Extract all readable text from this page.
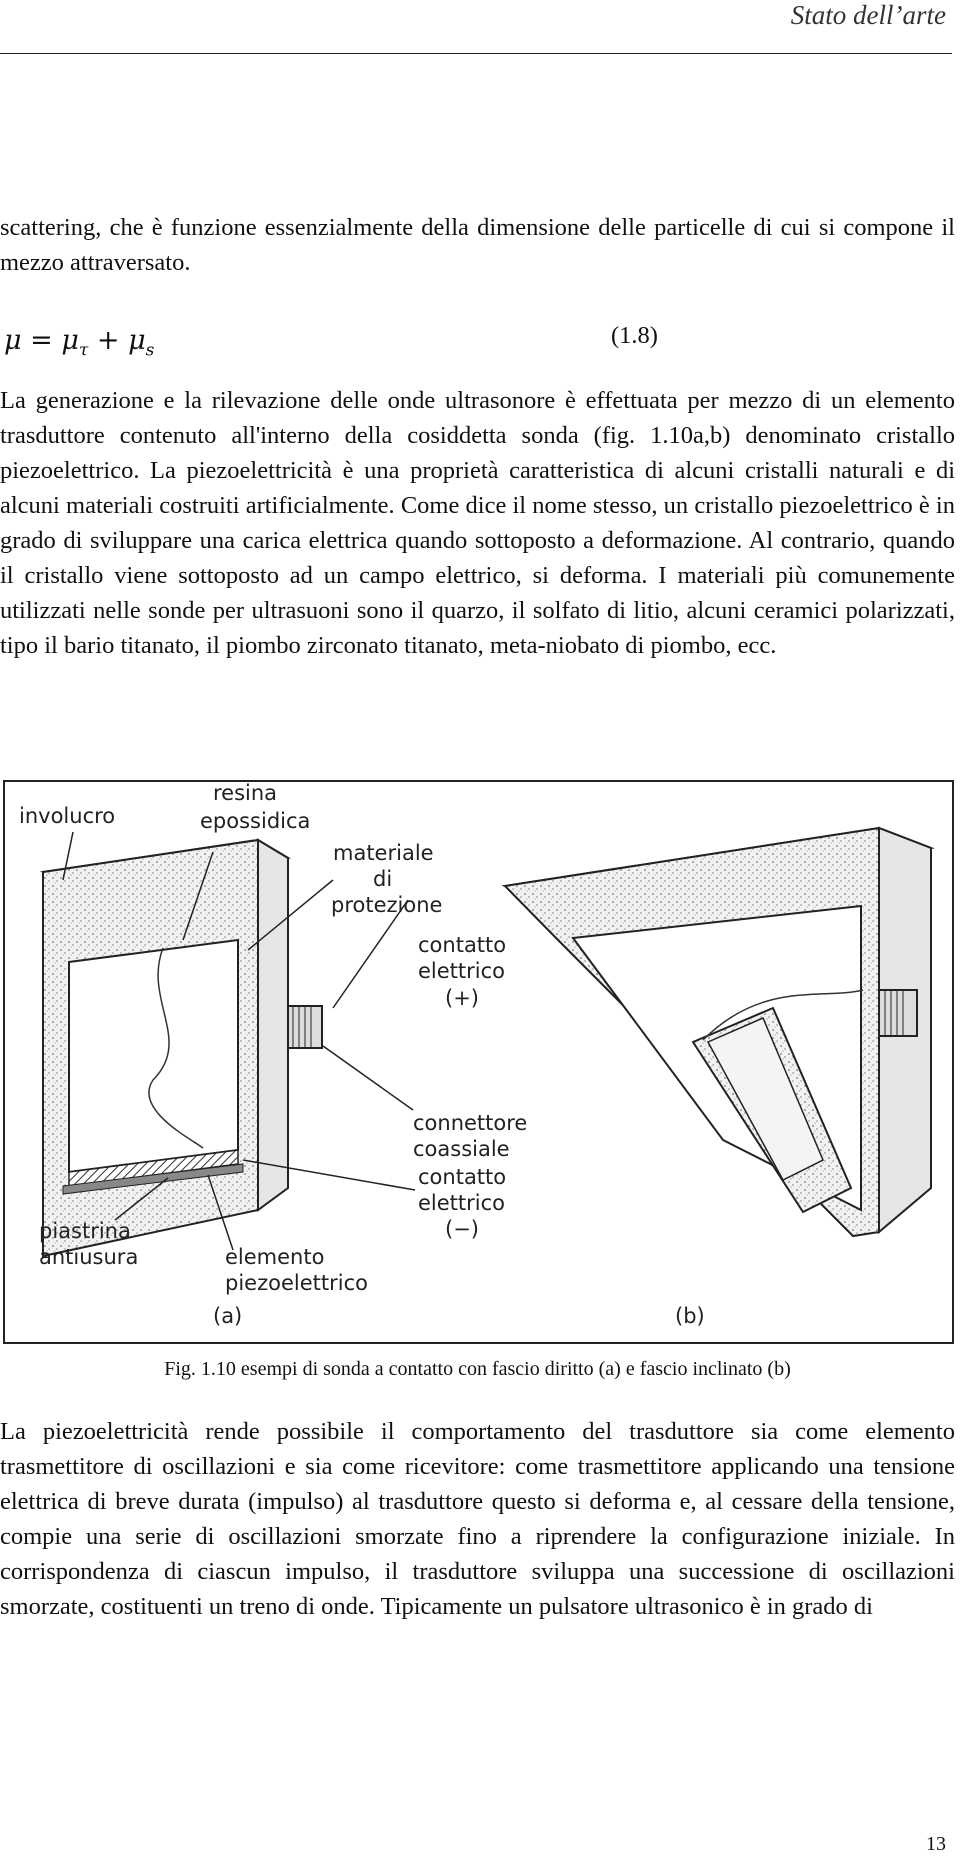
Stato dell’arte

scattering, che è funzione essenzialmente della dimensione delle particelle di cui si compone il mezzo attraversato.

$\mu = \mu_\tau + \mu_s$
(1.8)

La generazione e la rilevazione delle onde ultrasonore è effettuata per mezzo di un elemento trasduttore contenuto all'interno della cosiddetta sonda (fig. 1.10a,b) denominato cristallo piezoelettrico. La piezoelettricità è una proprietà caratteristica di alcuni cristalli naturali e di alcuni materiali costruiti artificialmente. Come dice il nome stesso, un cristallo piezoelettrico è in grado di sviluppare una carica elettrica quando sottoposto a deformazione. Al contrario, quando il cristallo viene sottoposto ad un campo elettrico, si deforma. I materiali più comunemente utilizzati nelle sonde per ultrasuoni sono il quarzo, il solfato di litio, alcuni ceramici polarizzati, tipo il bario titanato, il piombo zirconato titanato, meta-niobato di piombo, ecc.

involucro
resina
epossidica
materiale
di
protezione
contatto
elettrico
(+)
connettore
coassiale
contatto
elettrico
(−)
piastrina
antiusura	elemento
piezoelettrico
(a)	(b)
Fig. 1.10 esempi di sonda a contatto con fascio diritto (a) e fascio inclinato (b)

La piezoelettricità rende possibile il comportamento del trasduttore sia come elemento trasmettitore di oscillazioni e sia come ricevitore: come trasmettitore applicando una tensione elettrica di breve durata (impulso) al trasduttore questo si deforma e, al cessare della tensione, compie una serie di oscillazioni smorzate fino a riprendere la configurazione iniziale. In corrispondenza di ciascun impulso, il trasduttore sviluppa una successione di oscillazioni smorzate, costituenti un treno di onde. Tipicamente un pulsatore ultrasonico è in grado di

13
